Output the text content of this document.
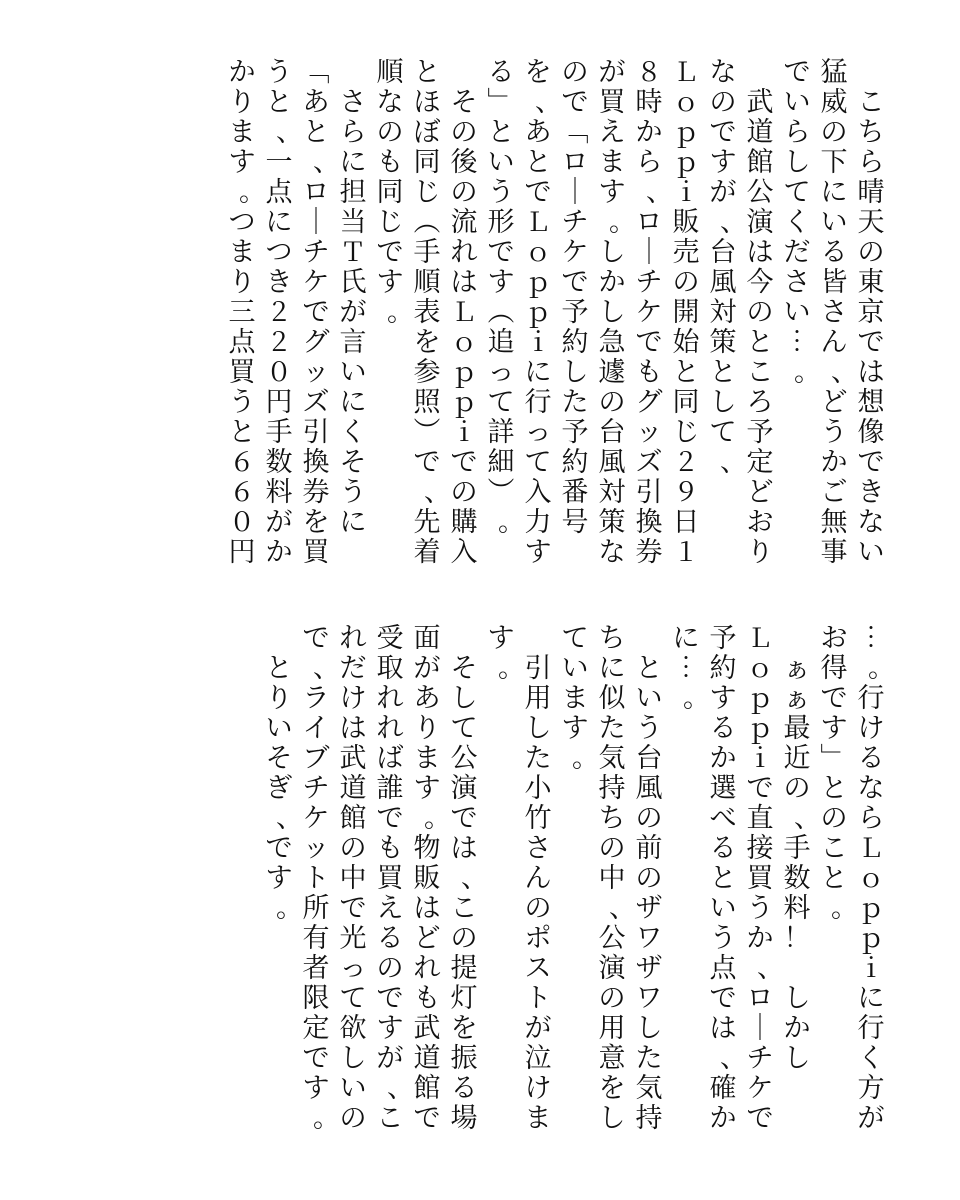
こ
ち
ら
晴
天
の
東
京
で
は
想
像
で
き
な
い
猛
威
の
下
に
い
る
皆
さ
ん
、
ど
う
か
ご
無
事
で
い
ら
し
て
く
だ
さ
い
︙
。

武
道
館
公
演
は
今
の
と
こ
ろ
予
定
ど
お
り
な
の
で
す
が
、
台
風
対
策
と
し
て
、
Ｌ
ｏ
ｐ
ｐ
ｉ
販
売
の
開
始
と
同
じ
２
９
日
１
８
時
か
ら
、
ロ
｜
チ
ケ
で
も
グ
ッ
ズ
引
換
券
が
買
え
ま
す
。
し
か
し
急
遽
の
台
風
対
策
な
の
で
﹁
ロ
｜
チ
ケ
で
予
約
し
た
予
約
番
号
を
、
あ
と
で
Ｌ
ｏ
ｐ
ｐ
ｉ
に
行
っ
て
入
力
す
る
﹂
と
い
う
形
で
す
︵
追
っ
て
詳
細
︶
。

そ
の
後
の
流
れ
は
Ｌ
ｏ
ｐ
ｐ
ｉ
で
の
購
入
と
ほ
ぼ
同
じ
︵
手
順
表
を
参
照
︶
で
、
先
着
順
な
の
も
同
じ
で
す
。

さ
ら
に
担
当
Ｔ
氏
が
言
い
に
く
そ
う
に
﹁
あ
と
、
ロ
｜
チ
ケ
で
グ
ッ
ズ
引
換
券
を
買
う
と
、
一
点
に
つ
き
２
２
０
円
手
数
料
が
か
か
り
ま
す
。
つ
ま
り
三
点
買
う
と
６
６
０
円
︙
。
行
け
る
な
ら
Ｌ
ｏ
ｐ
ｐ
ｉ
に
行
く
方
が
お
得
で
す
﹂
と
の
こ
と
。

ぁ
ぁ
最
近
の
、
手
数
料
！

し
か
し
Ｌ
ｏ
ｐ
ｐ
ｉ
で
直
接
買
う
か
、
ロ
｜
チ
ケ
で
予
約
す
る
か
選
べ
る
と
い
う
点
で
は
、
確
か
に
︙
。

と
い
う
台
風
の
前
の
ザ
ワ
ザ
ワ
し
た
気
持
ち
に
似
た
気
持
ち
の
中
、
公
演
の
用
意
を
し
て
い
ま
す
。

引
用
し
た
小
竹
さ
ん
の
ポ
ス
ト
が
泣
け
ま
す
。

そ
し
て
公
演
で
は
、
こ
の
提
灯
を
振
る
場
面
が
あ
り
ま
す
。
物
販
は
ど
れ
も
武
道
館
で
受
取
れ
れ
ば
誰
で
も
買
え
る
の
で
す
が
、
こ
れ
だ
け
は
武
道
館
の
中
で
光
っ
て
欲
し
い
の
で
、
ラ
イ
ブ
チ
ケ
ッ
ト
所
有
者
限
定
で
す
。

と
り
い
そ
ぎ
、
で
す
。
